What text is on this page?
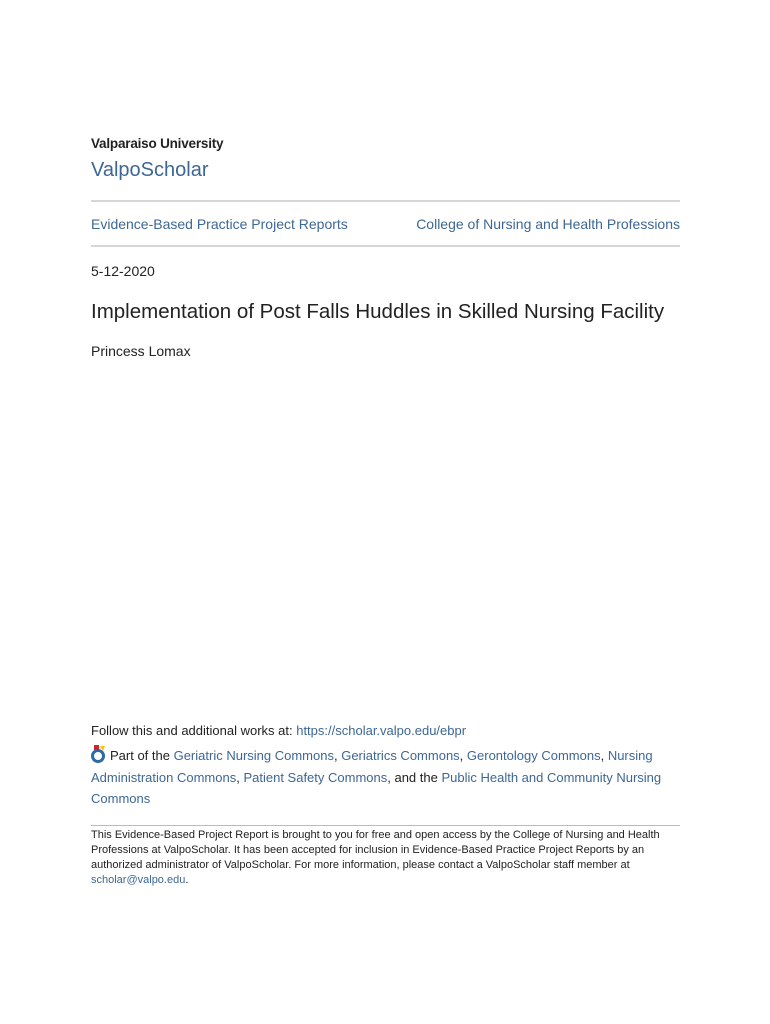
Valparaiso University
ValpoScholar
Evidence-Based Practice Project Reports	College of Nursing and Health Professions
5-12-2020
Implementation of Post Falls Huddles in Skilled Nursing Facility
Princess Lomax
Follow this and additional works at: https://scholar.valpo.edu/ebpr
Part of the Geriatric Nursing Commons, Geriatrics Commons, Gerontology Commons, Nursing Administration Commons, Patient Safety Commons, and the Public Health and Community Nursing Commons
This Evidence-Based Project Report is brought to you for free and open access by the College of Nursing and Health Professions at ValpoScholar. It has been accepted for inclusion in Evidence-Based Practice Project Reports by an authorized administrator of ValpoScholar. For more information, please contact a ValpoScholar staff member at scholar@valpo.edu.
